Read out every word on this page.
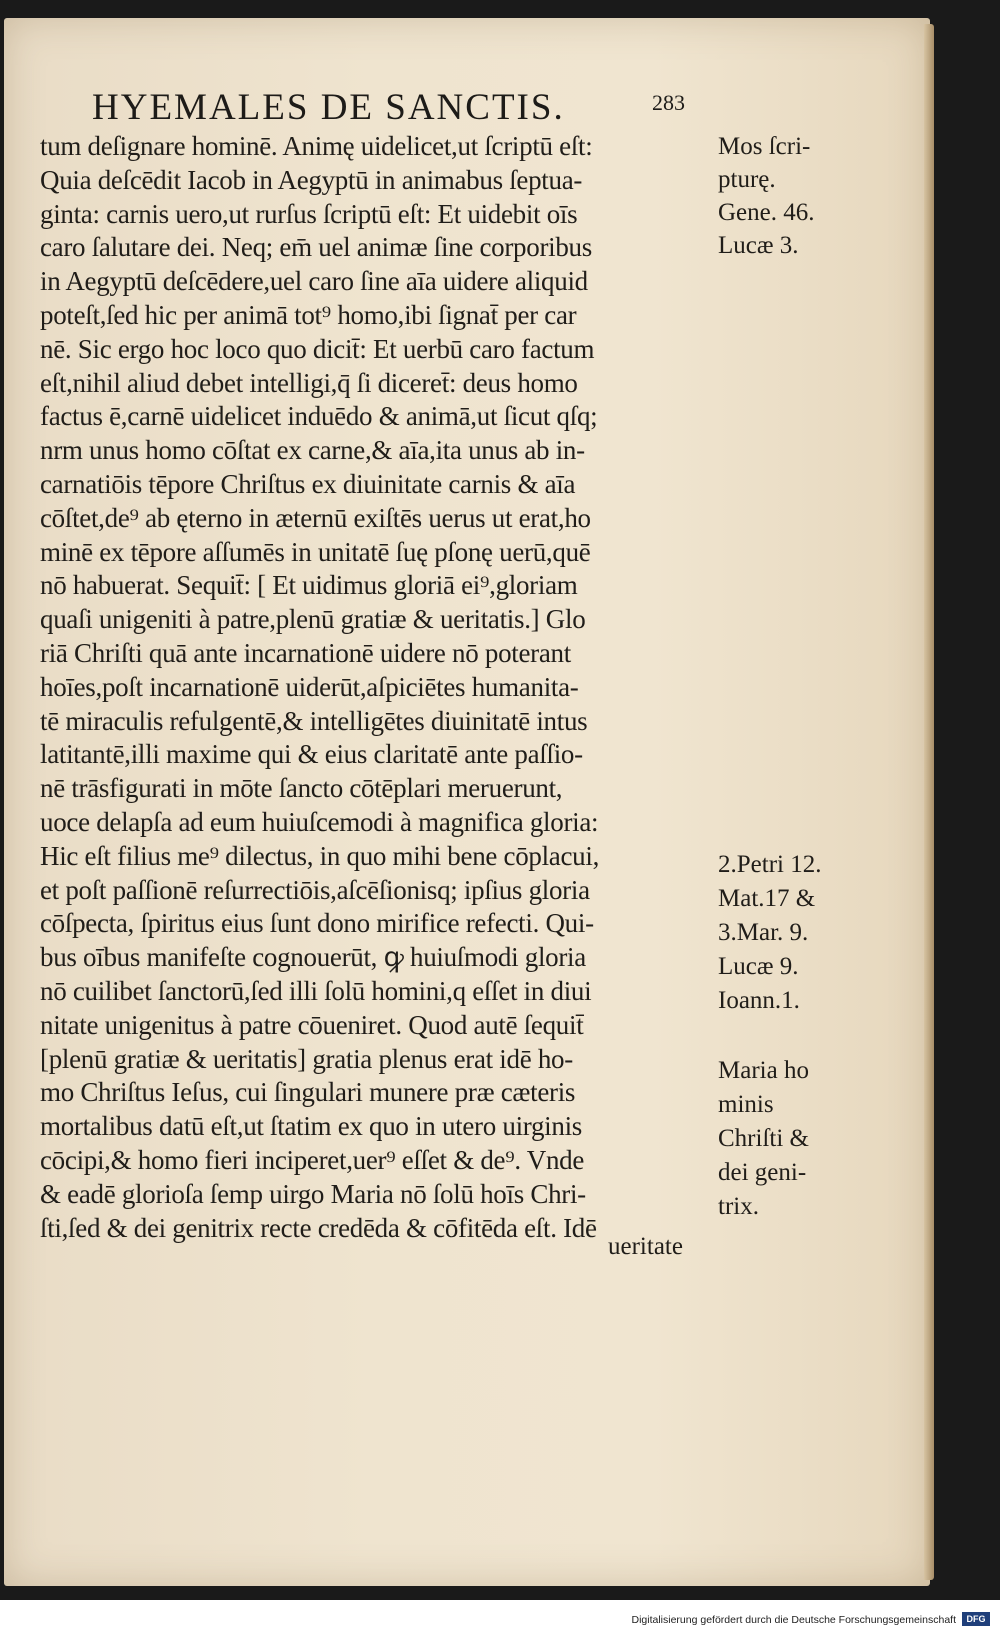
HYEMALES DE SANCTIS.	283
tum deſignare hominē. Animę uidelicet,ut ſcriptū eſt:
Quia deſcēdit Iacob in Aegyptū in animabus ſeptua-
ginta: carnis uero,ut rurſus ſcriptū eſt: Et uidebit oīs
caro ſalutare dei. Neq; em̄ uel animæ ſine corporibus
in Aegyptū deſcēdere,uel caro ſine aīa uidere aliquid
poteſt,ſed hic per animā tot⁹ homo,ibi ſignat̄ per car
nē. Sic ergo hoc loco quo dicit̄: Et uerbū caro factum
eſt,nihil aliud debet intelligi,q̄ ſi diceret̄: deus homo
factus ē,carnē uidelicet induēdo & animā,ut ſicut qſq;
nrm unus homo cōſtat ex carne,& aīa,ita unus ab in-
carnatiōis tēpore Chriſtus ex diuinitate carnis & aīa
cōſtet,de⁹ ab ęterno in æternū exiſtēs uerus ut erat,ho
minē ex tēpore aſſumēs in unitatē ſuę pſonę uerū,quē
nō habuerat. Sequit̄: [ Et uidimus gloriā ei⁹,gloriam
quaſi unigeniti à patre,plenū gratiæ & ueritatis.] Glo
riā Chriſti quā ante incarnationē uidere nō poterant
hoīes,poſt incarnationē uiderūt,aſpiciētes humanita-
tē miraculis refulgentē,& intelligētes diuinitatē intus
latitantē,illi maxime qui & eius claritatē ante paſſio-
nē trāsfigurati in mōte ſancto cōtēplari meruerunt,
uoce delapſa ad eum huiuſcemodi à magnifica gloria:
Hic eſt filius me⁹ dilectus, in quo mihi bene cōplacui,
et poſt paſſionē reſurrectiōis,aſcēſionisq; ipſius gloria
cōſpecta, ſpiritus eius ſunt dono mirifice refecti. Qui-
bus oībus manifeſte cognouerūt, ꝙ huiuſmodi gloria
nō cuilibet ſanctorū,ſed illi ſolū homini,q eſſet in diui
nitate unigenitus à patre cōueniret. Quod autē ſequit̄
[plenū gratiæ & ueritatis] gratia plenus erat idē ho-
mo Chriſtus Ieſus, cui ſingulari munere præ cæteris
mortalibus datū eſt,ut ſtatim ex quo in utero uirginis
cōcipi,& homo fieri inciperet,uer⁹ eſſet & de⁹. Vnde
& eadē glorioſa ſemp uirgo Maria nō ſolū hoīs Chri-
ſti,ſed & dei genitrix recte credēda & cōfitēda eſt. Idē
Mos ſcri-
pturę.
Gene. 46.
Lucæ 3.
2.Petri 12.
Mat.17 &
3.Mar. 9.
Lucæ 9.
Ioann.1.
Maria ho
minis
Chriſti &
dei geni-
trix.
ueritate
Digitalisierung gefördert durch die Deutsche Forschungsgemeinschaft	DFG
